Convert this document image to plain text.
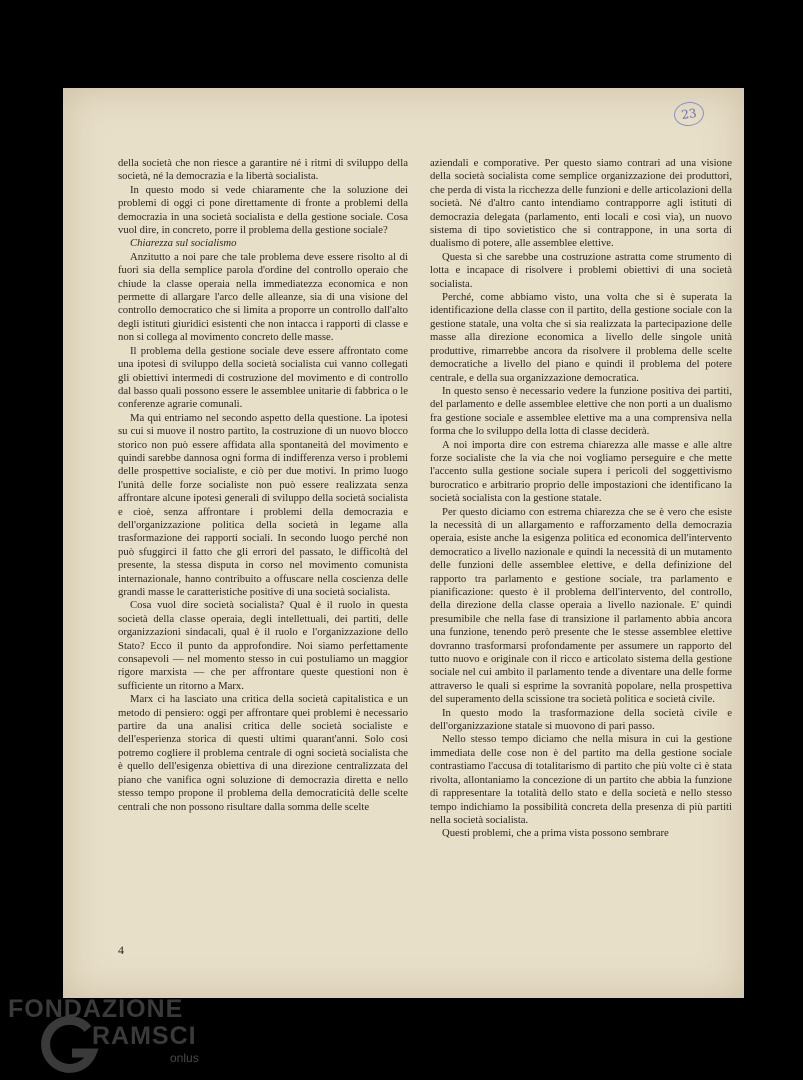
23

della società che non riesce a garantire né i ritmi di sviluppo della società, né la democrazia e la libertà socialista.

In questo modo si vede chiaramente che la soluzione dei problemi di oggi ci pone direttamente di fronte a problemi della democrazia in una società socialista e della gestione sociale. Cosa vuol dire, in concreto, porre il problema della gestione sociale?

Chiarezza sul socialismo

Anzitutto a noi pare che tale problema deve essere risolto al di fuori sia della semplice parola d'ordine del controllo operaio che chiude la classe operaia nella immediatezza economica e non permette di allargare l'arco delle alleanze, sia di una visione del controllo democratico che si limita a proporre un controllo dall'alto degli istituti giuridici esistenti che non intacca i rapporti di classe e non si collega al movimento concreto delle masse.

Il problema della gestione sociale deve essere affrontato come una ipotesi di sviluppo della società socialista cui vanno collegati gli obiettivi intermedi di costruzione del movimento e di controllo dal basso quali possono essere le assemblee unitarie di fabbrica o le conferenze agrarie comunali.

Ma qui entriamo nel secondo aspetto della questione. La ipotesi su cui si muove il nostro partito, la costruzione di un nuovo blocco storico non può essere affidata alla spontaneità del movimento e quindi sarebbe dannosa ogni forma di indifferenza verso i problemi delle prospettive socialiste, e ciò per due motivi. In primo luogo l'unità delle forze socialiste non può essere realizzata senza affrontare alcune ipotesi generali di sviluppo della società socialista e cioè, senza affrontare i problemi della democrazia e dell'organizzazione politica della società in legame alla trasformazione dei rapporti sociali. In secondo luogo perché non può sfuggirci il fatto che gli errori del passato, le difficoltà del presente, la stessa disputa in corso nel movimento comunista internazionale, hanno contribuito a offuscare nella coscienza delle grandi masse le caratteristiche positive di una società socialista.

Cosa vuol dire società socialista? Qual è il ruolo in questa società della classe operaia, degli intellettuali, dei partiti, delle organizzazioni sindacali, qual è il ruolo e l'organizzazione dello Stato? Ecco il punto da approfondire. Noi siamo perfettamente consapevoli — nel momento stesso in cui postuliamo un maggior rigore marxista — che per affrontare queste questioni non è sufficiente un ritorno a Marx.

Marx ci ha lasciato una critica della società capitalistica e un metodo di pensiero: oggi per affrontare quei problemi è necessario partire da una analisi critica delle società socialiste e dell'esperienza storica di questi ultimi quarant'anni. Solo così potremo cogliere il problema centrale di ogni società socialista che è quello dell'esigenza obiettiva di una direzione centralizzata del piano che vanifica ogni soluzione di democrazia diretta e nello stesso tempo propone il problema della democraticità delle scelte centrali che non possono risultare dalla somma delle scelte

aziendali e comporative. Per questo siamo contrari ad una visione della società socialista come semplice organizzazione dei produttori, che perda di vista la ricchezza delle funzioni e delle articolazioni della società. Né d'altro canto intendiamo contrapporre agli istituti di democrazia delegata (parlamento, enti locali e così via), un nuovo sistema di tipo sovietistico che si contrappone, in una sorta di dualismo di potere, alle assemblee elettive.

Questa sì che sarebbe una costruzione astratta come strumento di lotta e incapace di risolvere i problemi obiettivi di una società socialista.

Perché, come abbiamo visto, una volta che si è superata la identificazione della classe con il partito, della gestione sociale con la gestione statale, una volta che si sia realizzata la partecipazione delle masse alla direzione economica a livello delle singole unità produttive, rimarrebbe ancora da risolvere il problema delle scelte democratiche a livello del piano e quindi il problema del potere centrale, e della sua organizzazione democratica.

In questo senso è necessario vedere la funzione positiva dei partiti, del parlamento e delle assemblee elettive che non porti a un dualismo fra gestione sociale e assemblee elettive ma a una comprensiva nella forma che lo sviluppo della lotta di classe deciderà.

A noi importa dire con estrema chiarezza alle masse e alle altre forze socialiste che la via che noi vogliamo perseguire e che mette l'accento sulla gestione sociale supera i pericoli del soggettivismo burocratico e arbitrario proprio delle impostazioni che identificano la società socialista con la gestione statale.

Per questo diciamo con estrema chiarezza che se è vero che esiste la necessità di un allargamento e rafforzamento della democrazia operaia, esiste anche la esigenza politica ed economica dell'intervento democratico a livello nazionale e quindi la necessità di un mutamento delle funzioni delle assemblee elettive, e della definizione del rapporto tra parlamento e gestione sociale, tra parlamento e pianificazione: questo è il problema dell'intervento, del controllo, della direzione della classe operaia a livello nazionale. E' quindi presumibile che nella fase di transizione il parlamento abbia ancora una funzione, tenendo però presente che le stesse assemblee elettive dovranno trasformarsi profondamente per assumere un rapporto del tutto nuovo e originale con il ricco e articolato sistema della gestione sociale nel cui ambito il parlamento tende a diventare una delle forme attraverso le quali si esprime la sovranità popolare, nella prospettiva del superamento della scissione tra società politica e società civile.

In questo modo la trasformazione della società civile e dell'organizzazione statale si muovono di pari passo.

Nello stesso tempo diciamo che nella misura in cui la gestione immediata delle cose non è del partito ma della gestione sociale contrastiamo l'accusa di totalitarismo di partito che più volte ci è stata rivolta, allontaniamo la concezione di un partito che abbia la funzione di rappresentare la totalità dello stato e della società e nello stesso tempo indichiamo la possibilità concreta della presenza di più partiti nella società socialista.

Questi problemi, che a prima vista possono sembrare

4
FONDAZIONE
RAMSCI
onlus
